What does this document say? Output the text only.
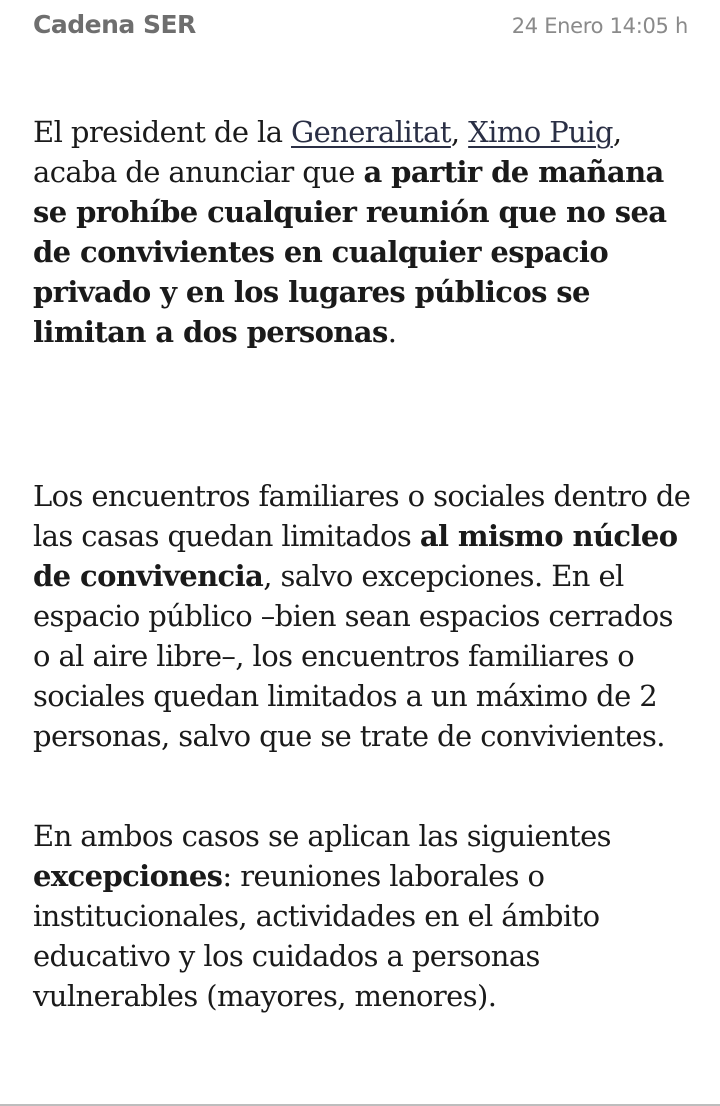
Cadena SER	24 Enero 14:05 h

El president de la Generalitat, Ximo Puig, acaba de anunciar que a partir de mañana se prohíbe cualquier reunión que no sea de convivientes en cualquier espacio privado y en los lugares públicos se limitan a dos personas.

Los encuentros familiares o sociales dentro de las casas quedan limitados al mismo núcleo de convivencia, salvo excepciones. En el espacio público –bien sean espacios cerrados o al aire libre–, los encuentros familiares o sociales quedan limitados a un máximo de 2 personas, salvo que se trate de convivientes.

En ambos casos se aplican las siguientes excepciones: reuniones laborales o institucionales, actividades en el ámbito educativo y los cuidados a personas vulnerables (mayores, menores).
